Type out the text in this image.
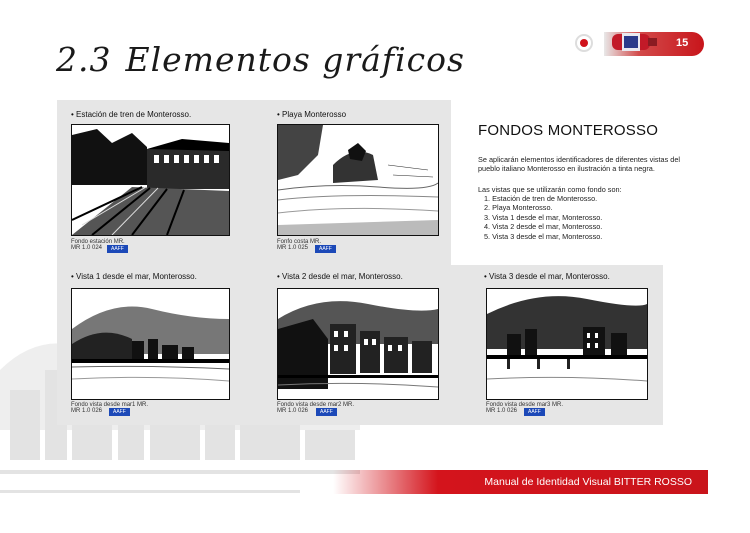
2.3 Elementos gráficos	15
• Estación de tren de Monterosso.
Fondo estación MR.
MR 1.0 024	AAFF
• Playa Monterosso
Fonfo costa MR.
MR 1.0 025	AAFF
• Vista 1 desde el mar, Monterosso.
Fondo vista desde mar1 MR.
MR 1.0 026	AAFF
• Vista 2 desde el mar, Monterosso.
Fondo vista desde mar2 MR.
MR 1.0 026	AAFF
• Vista 3 desde el mar, Monterosso.
Fondo vista desde mar3 MR.
MR 1.0 026	AAFF
FONDOS MONTEROSSO
Se aplicarán elementos identificadores de diferentes vistas del pueblo italiano Monterosso en ilustración a tinta negra.
Las vistas que se utilizarán como fondo son:
1. Estación de tren de Monterosso.
2. Playa Monterosso.
3. Vista 1 desde el mar, Monterosso.
4. Vista 2 desde el mar, Monterosso.
5. Vista 3 desde el mar, Monterosso.
Manual de Identidad Visual BITTER ROSSO
